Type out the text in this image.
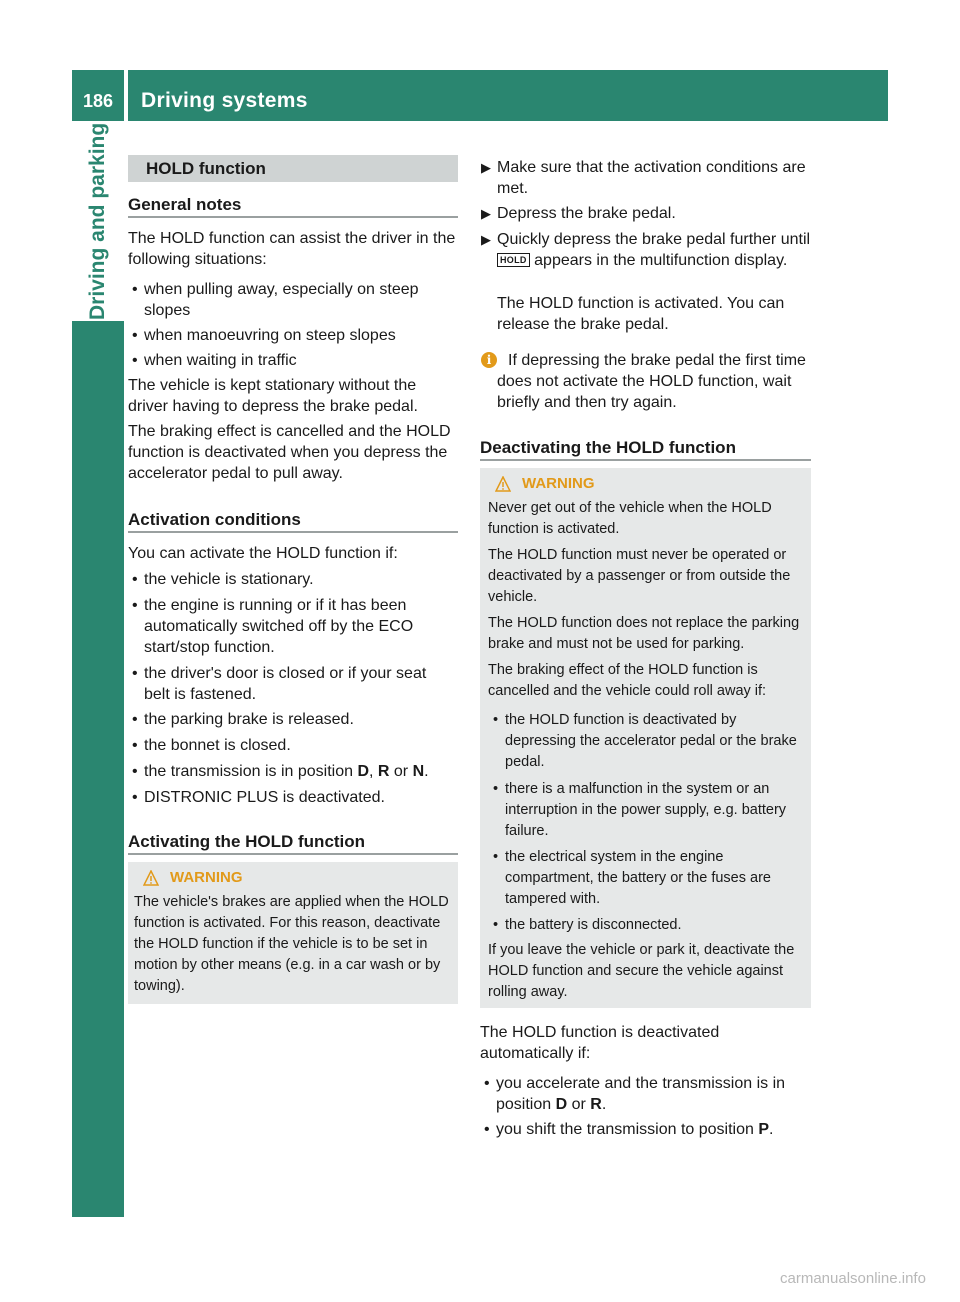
186	Driving systems
Driving and parking HOLD function
General notes

The HOLD function can assist the driver in the following situations:

• when pulling away, especially on steep slopes

• when manoeuvring on steep slopes

• when waiting in traffic

The vehicle is kept stationary without the driver having to depress the brake pedal.

The braking effect is cancelled and the HOLD function is deactivated when you depress the accelerator pedal to pull away.

Activation conditions

You can activate the HOLD function if:

• the vehicle is stationary.

• the engine is running or if it has been automatically switched off by the ECO start/stop function.

• the driver's door is closed or if your seat belt is fastened.

• the parking brake is released.

• the bonnet is closed.

• the transmission is in position D, R or N.

• DISTRONIC PLUS is deactivated.

Activating the HOLD function
WARNING

The vehicle's brakes are applied when the HOLD function is activated. For this reason, deactivate the HOLD function if the vehicle is to be set in motion by other means (e.g. in a car wash or by towing).

▶ Make sure that the activation conditions are met.

▶ Depress the brake pedal.

▶ Quickly depress the brake pedal further until HOLD appears in the multifunction display.

The HOLD function is activated. You can release the brake pedal.

i	If depressing the brake pedal the first time does not activate the HOLD function, wait briefly and then try again.

Deactivating the HOLD function
WARNING

Never get out of the vehicle when the HOLD function is activated.

The HOLD function must never be operated or deactivated by a passenger or from outside the vehicle.

The HOLD function does not replace the parking brake and must not be used for parking.

The braking effect of the HOLD function is cancelled and the vehicle could roll away if:

• the HOLD function is deactivated by depressing the accelerator pedal or the brake pedal.

• there is a malfunction in the system or an interruption in the power supply, e.g. battery failure.

• the electrical system in the engine compartment, the battery or the fuses are tampered with.

• the battery is disconnected.

If you leave the vehicle or park it, deactivate the HOLD function and secure the vehicle against rolling away.

The HOLD function is deactivated automatically if:

• you accelerate and the transmission is in position D or R.

• you shift the transmission to position P.

carmanualsonline.info
